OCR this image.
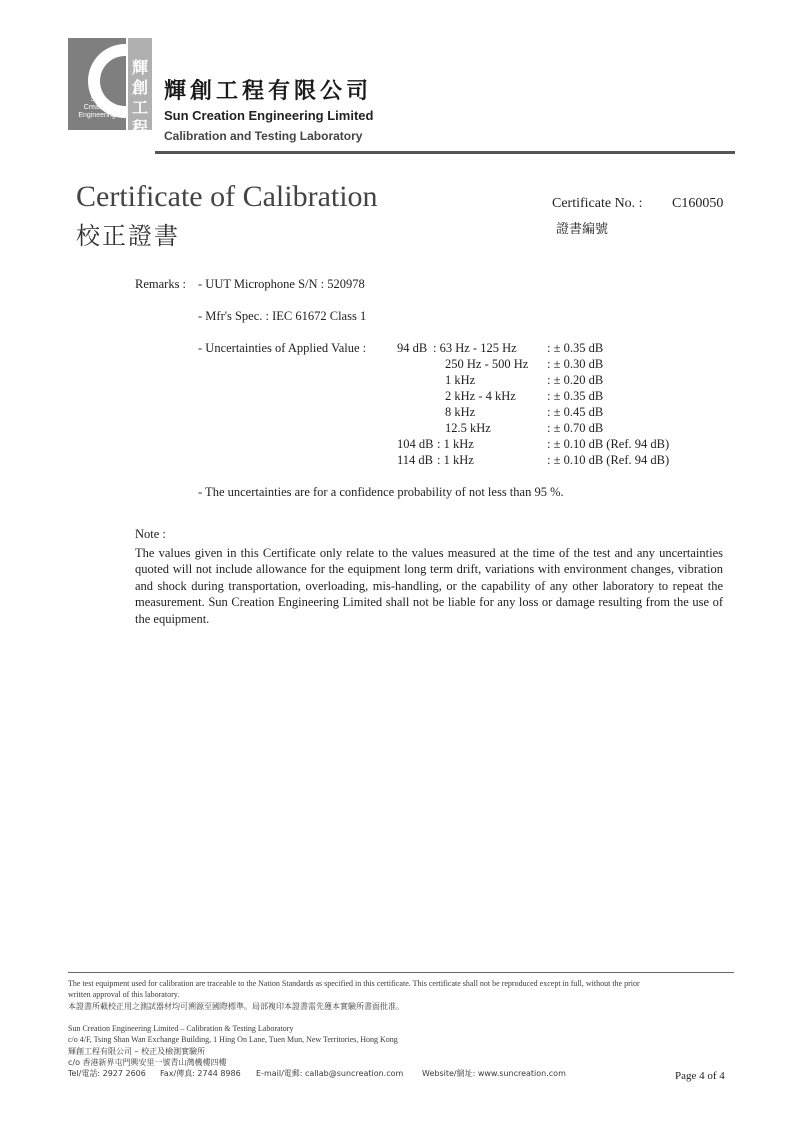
Sun
Creation
Engineering
輝
創
工
程
輝創工程有限公司
Sun Creation Engineering Limited
Calibration and Testing Laboratory
Certificate of Calibration
校正證書
Certificate No. : C160050
證書編號
Remarks : - UUT Microphone S/N : 520978
- Mfr's Spec. : IEC 61672 Class 1
- Uncertainties of Applied Value : 94 dB : 63 Hz - 125 Hz : ± 0.35 dB
250 Hz - 500 Hz : ± 0.30 dB
1 kHz	: ± 0.20 dB
2 kHz - 4 kHz : ± 0.35 dB
8 kHz	: ± 0.45 dB
12.5 kHz	: ± 0.70 dB
104 dB : 1 kHz	: ± 0.10 dB (Ref. 94 dB)
114 dB : 1 kHz	: ± 0.10 dB (Ref. 94 dB)
- The uncertainties are for a confidence probability of not less than 95 %.
Note :
The values given in this Certificate only relate to the values measured at the time of the test and any uncertainties quoted will not include allowance for the equipment long term drift, variations with environment changes, vibration and shock during transportation, overloading, mis-handling, or the capability of any other laboratory to repeat the measurement. Sun Creation Engineering Limited shall not be liable for any loss or damage resulting from the use of the equipment.
The test equipment used for calibration are traceable to the Nation Standards as specified in this certificate. This certificate shall not be reproduced except in full, without the prior
written approval of this laboratory.
本證書所載校正用之測試器材均可溯源至國際標準。局部複印本證書需先獲本實驗所書面批准。
Sun Creation Engineering Limited – Calibration & Testing Laboratory
c/o 4/F, Tsing Shan Wan Exchange Building, 1 Hing On Lane, Tuen Mun, New Territories, Hong Kong
輝創工程有限公司 – 校正及檢測實驗所
c/o 香港新界屯門興安里一號青山灣機樓四樓
Tel/電話: 2927 2606 Fax/傳真: 2744 8986 E-mail/電郵: callab@suncreation.com Website/網址: www.suncreation.com	Page 4 of 4
